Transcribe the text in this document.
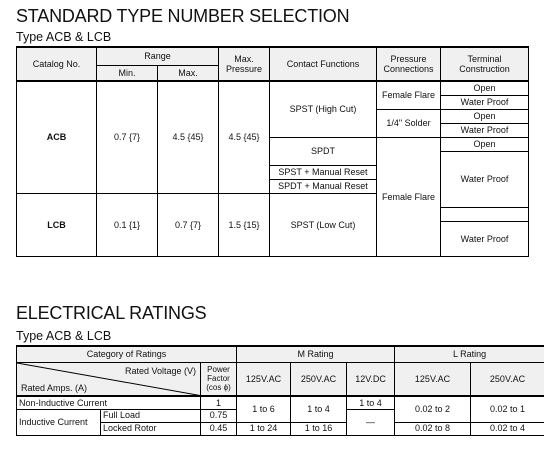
STANDARD TYPE NUMBER SELECTION
Type ACB & LCB
Catalog No.	Range		Max. Pressure	Contact Functions	Pressure Connections	Terminal Construction	
	Min.	Max.					
ACB	0.7 {7}	4.5 {45}	4.5 {45}	SPST (High Cut)	Female Flare	Open	
						Water Proof	
					1/4" Solder	Open	
						Water Proof	
				SPDT	Female Flare	Open	
						Water Proof	
				SPST + Manual Reset			
				SPDT + Manual Reset			
LCB	0.1 {1}	0.7 {7}	1.5 {15}	SPST (Low Cut)	

						Water Proof	

ELECTRICAL RATINGS
Type ACB & LCB
Category of Ratings			M Rating			L Rating	

Rated Voltage (V)
Rated Amps. (A)		Power Factor (cos ϕ)	125V.AC	250V.AC	12V.DC	125V.AC	250V.AC
Non-Inductive Current		1	1 to 6	1 to 4	1 to 4	0.02 to 2	0.02 to 1
Inductive Current	Full Load	0.75			—		
	Locked Rotor	0.45	1 to 24	1 to 16		0.02 to 8	0.02 to 4
